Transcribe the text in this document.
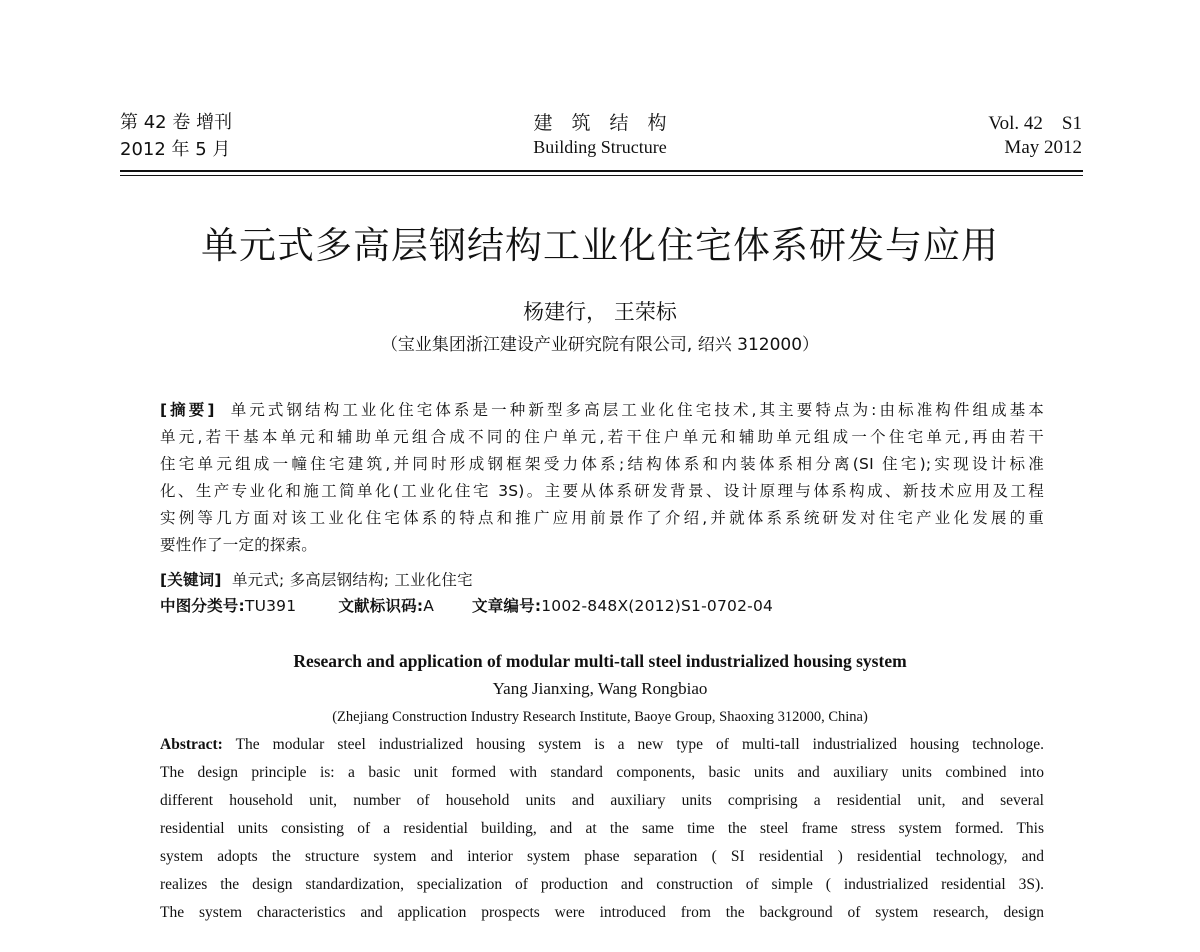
第 42 卷 增刊
2012 年 5 月
建　筑　结　构
Building Structure
Vol. 42　S1
May 2012
单元式多高层钢结构工业化住宅体系研发与应用
杨建行， 王荣标
（宝业集团浙江建设产业研究院有限公司, 绍兴 312000）
[摘要] 单元式钢结构工业化住宅体系是一种新型多高层工业化住宅技术,其主要特点为:由标准构件组成基本
单元,若干基本单元和辅助单元组合成不同的住户单元,若干住户单元和辅助单元组成一个住宅单元,再由若干
住宅单元组成一幢住宅建筑,并同时形成钢框架受力体系;结构体系和内装体系相分离(SI 住宅);实现设计标准
化、生产专业化和施工简单化(工业化住宅 3S)。主要从体系研发背景、设计原理与体系构成、新技术应用及工程
实例等几方面对该工业化住宅体系的特点和推广应用前景作了介绍,并就体系系统研发对住宅产业化发展的重
要性作了一定的探索。
[关键词] 单元式; 多高层钢结构; 工业化住宅
中图分类号:TU391	文献标识码:A 文章编号:1002-848X(2012)S1-0702-04
Research and application of modular multi-tall steel industrialized housing system
Yang Jianxing, Wang Rongbiao
(Zhejiang Construction Industry Research Institute, Baoye Group, Shaoxing 312000, China)
Abstract: The modular steel industrialized housing system is a new type of multi-tall industrialized housing technologe.
The design principle is: a basic unit formed with standard components, basic units and auxiliary units combined into
different household unit, number of household units and auxiliary units comprising a residential unit, and several
residential units consisting of a residential building, and at the same time the steel frame stress system formed. This
system adopts the structure system and interior system phase separation ( SI residential ) residential technology, and
realizes the design standardization, specialization of production and construction of simple ( industrialized residential 3S).
The system characteristics and application prospects were introduced from the background of system research, design
